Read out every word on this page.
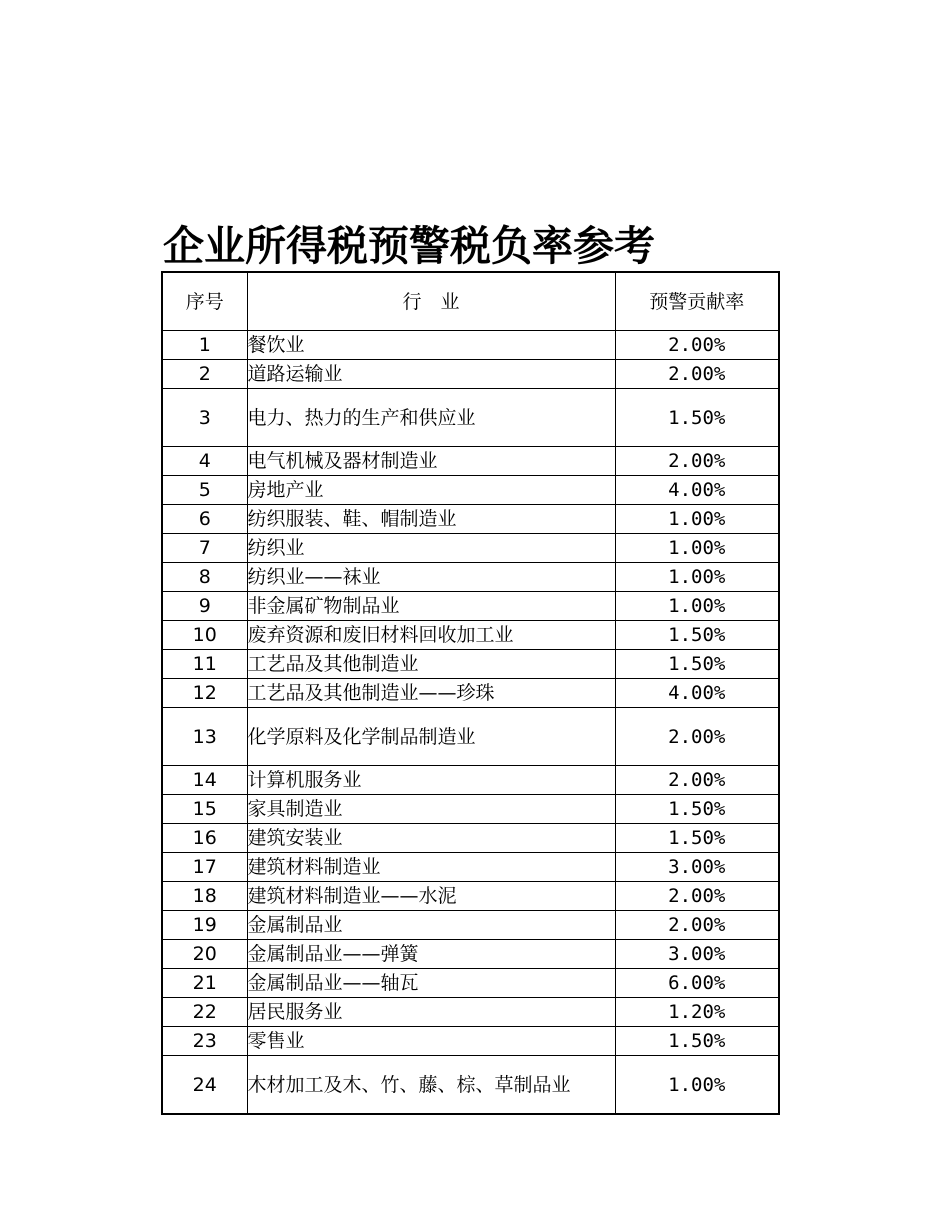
企业所得税预警税负率参考
序号	行　业	预警贡献率
1	餐饮业	2.00%
2	道路运输业	2.00%
3	电力、热力的生产和供应业	1.50%
4	电气机械及器材制造业	2.00%
5	房地产业	4.00%
6	纺织服装、鞋、帽制造业	1.00%
7	纺织业	1.00%
8	纺织业——袜业	1.00%
9	非金属矿物制品业	1.00%
10	废弃资源和废旧材料回收加工业	1.50%
11	工艺品及其他制造业	1.50%
12	工艺品及其他制造业——珍珠	4.00%
13	化学原料及化学制品制造业	2.00%
14	计算机服务业	2.00%
15	家具制造业	1.50%
16	建筑安装业	1.50%
17	建筑材料制造业	3.00%
18	建筑材料制造业——水泥	2.00%
19	金属制品业	2.00%
20	金属制品业——弹簧	3.00%
21	金属制品业——轴瓦	6.00%
22	居民服务业	1.20%
23	零售业	1.50%
24	木材加工及木、竹、藤、棕、草制品业	1.00%
